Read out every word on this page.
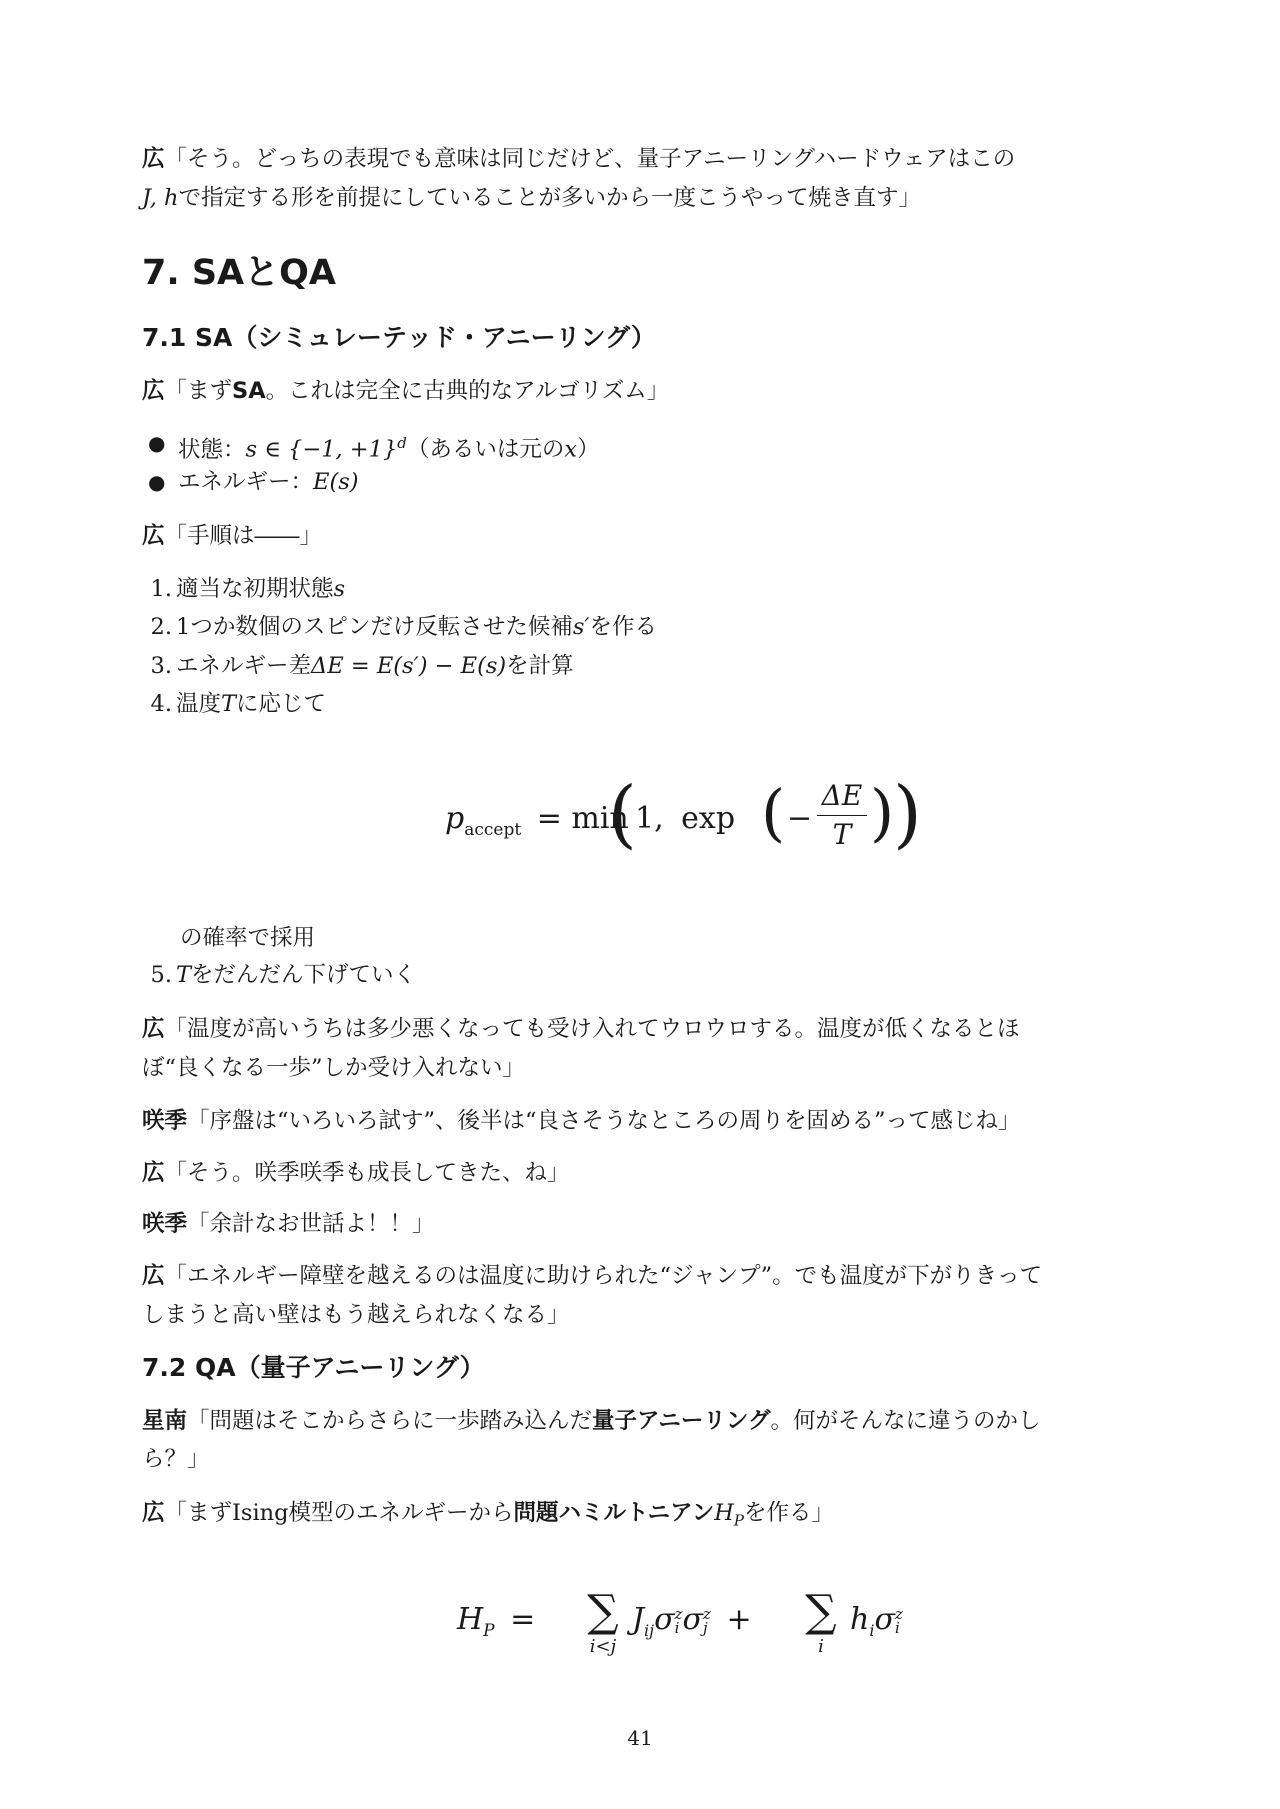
広「そう。どっちの表現でも意味は同じだけど、量子アニーリングハードウェアはこの
J, hで指定する形を前提にしていることが多いから一度こうやって焼き直す」
7. SAとQA
7.1 SA（シミュレーテッド・アニーリング）
広「まずSA。これは完全に古典的なアルゴリズム」
● 状態：s ∈ {−1, +1}$^d$（あるいは元のx）
● エネルギー：E(s)
広「手順は――」
1. 適当な初期状態s
2. 1つか数個のスピンだけ反転させた候補s′を作る
3. エネルギー差ΔE = E(s′) − E(s)を計算
4. 温度Tに応じて
$p_{accept} = \min$
(
1, exp ( −
ΔE
T )
)
の確率で採用
5. Tをだんだん下げていく
広「温度が高いうちは多少悪くなっても受け入れてウロウロする。温度が低くなるとほ
ぼ“良くなる一歩”しか受け入れない」
咲季「序盤は“いろいろ試す”、後半は“良さそうなところの周りを固める”って感じね」
広「そう。咲季咲季も成長してきた、ね」
咲季「余計なお世話よ！！」
広「エネルギー障壁を越えるのは温度に助けられた“ジャンプ”。でも温度が下がりきって
しまうと高い壁はもう越えられなくなる」
7.2 QA（量子アニーリング）
星南「問題はそこからさらに一歩踏み込んだ量子アニーリング。何がそんなに違うのかし
ら？」
広「まずIsing模型のエネルギーから問題ハミルトニアン$H_P$を作る」
$H_P$ = ∑
i<j
$J_{ij}\sigma$ z
i σ z
j + ∑
i
$h_i\sigma$ z
i
41
